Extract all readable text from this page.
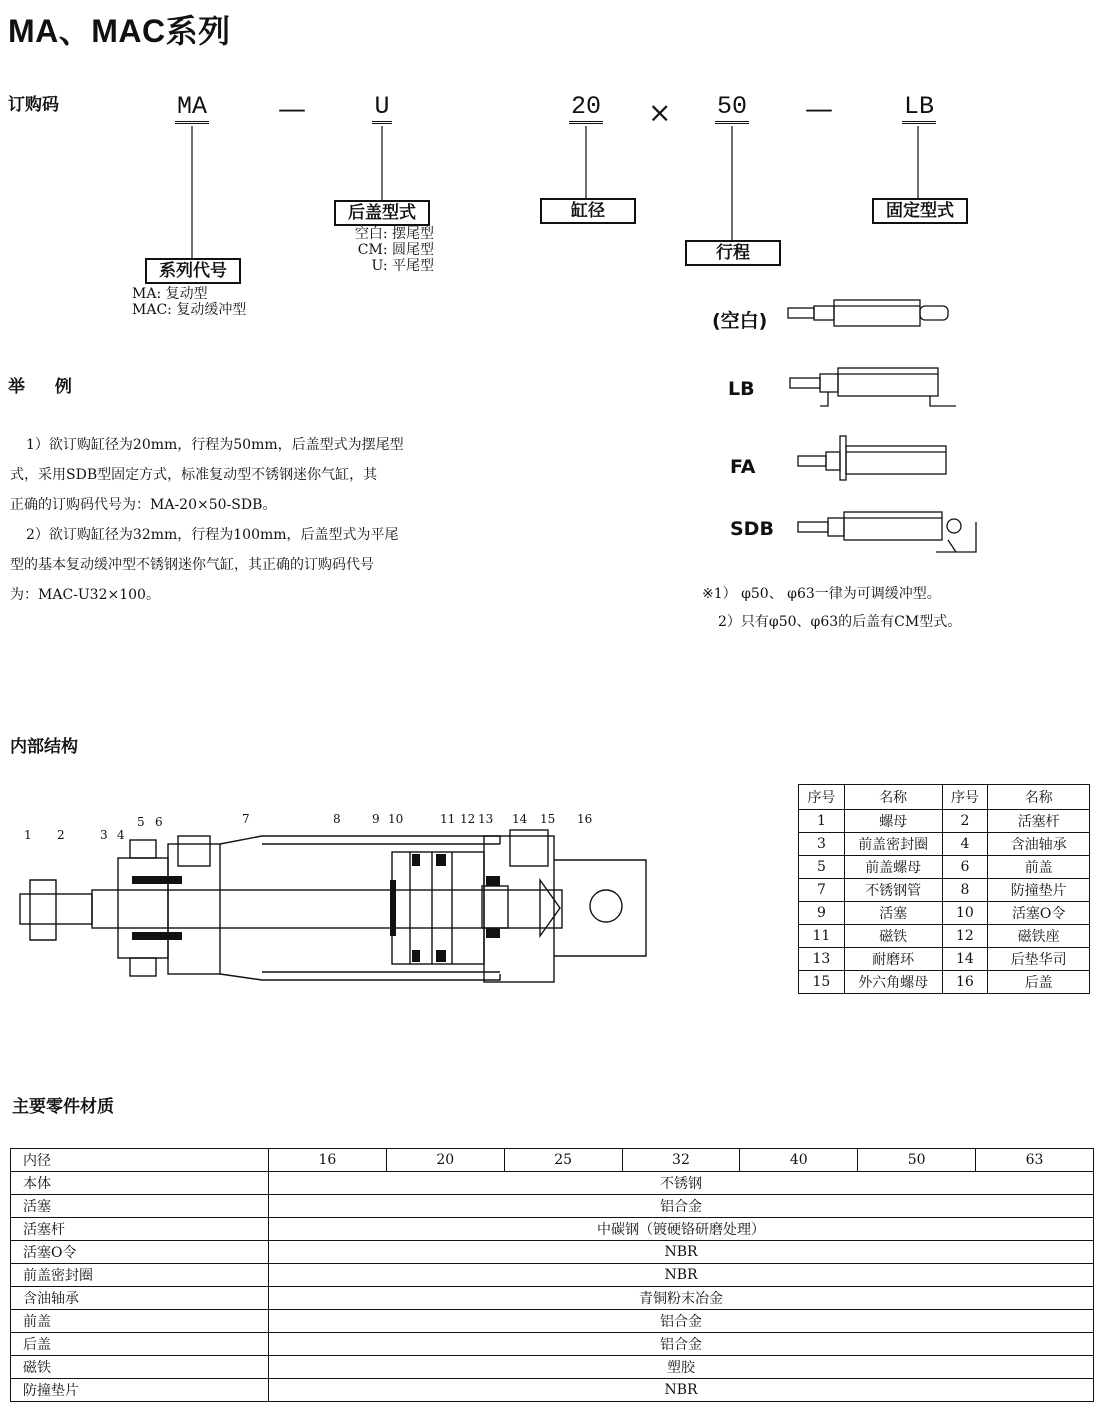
MA、MAC系列
订购码	MA	—	U	20	×	50	—	LB
后盖型式
空白: 摆尾型
CM: 圆尾型
U: 平尾型
系列代号
MA: 复动型
MAC: 复动缓冲型
缸径
行程
固定型式
(空白)
LB
FA
SDB
举 例

1）欲订购缸径为20mm，行程为50mm，后盖型式为摆尾型

式，采用SDB型固定方式，标准复动型不锈钢迷你气缸，其

正确的订购码代号为：MA-20×50-SDB。

2）欲订购缸径为32mm，行程为100mm，后盖型式为平尾

型的基本复动缓冲型不锈钢迷你气缸，其正确的订购码代号

为：MAC-U32×100。	※1） φ50、 φ63一律为可调缓冲型。
2）只有φ50、φ63的后盖有CM型式。
内部结构
1 2	3 4
5 6	7	8	9 10	11 12 13 14 15 16
序号	名称	序号	名称
1	螺母	2	活塞杆
3	前盖密封圈	4	含油轴承
5	前盖螺母	6	前盖
7	不锈钢管	8	防撞垫片
9	活塞	10	活塞O令
11	磁铁	12	磁铁座
13	耐磨环	14	后垫华司
15	外六角螺母	16	后盖
主要零件材质
内径	16	20	25	32	40	50	63
本体	不锈钢						
活塞	铝合金						
活塞杆	中碳钢（镀硬铬研磨处理）						
活塞O令	NBR						
前盖密封圈	NBR						
含油轴承	青铜粉末冶金						
前盖	铝合金						
后盖	铝合金						
磁铁	塑胶						
防撞垫片	NBR						
